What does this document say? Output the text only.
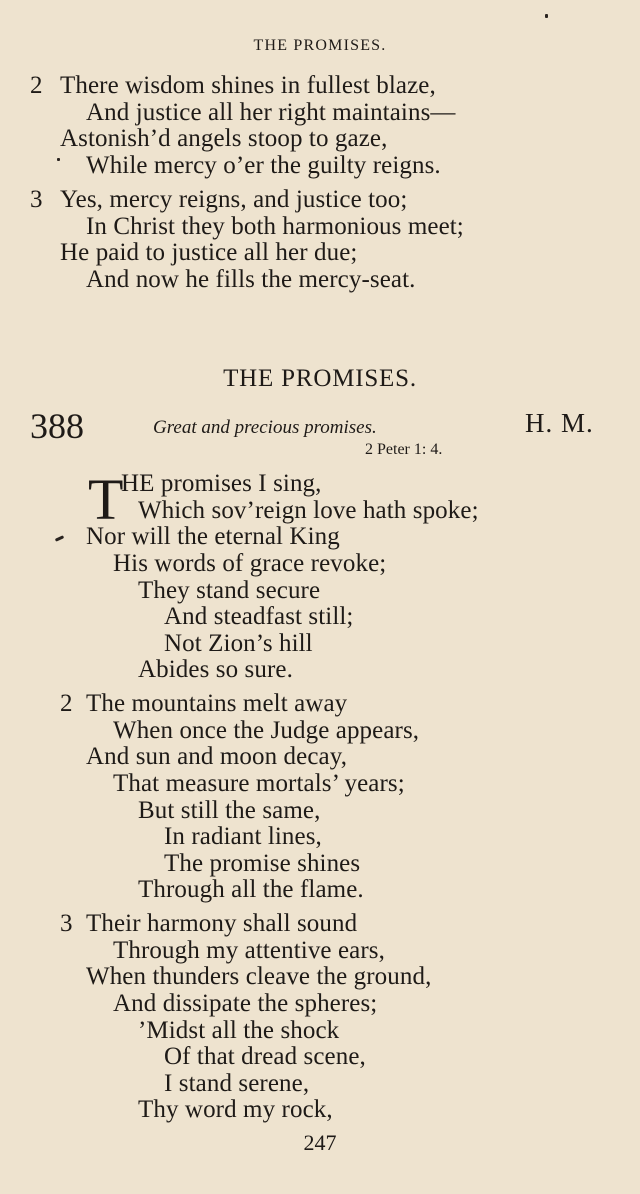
THE PROMISES.
2 There wisdom shines in fullest blaze,
And justice all her right maintains—
Astonish’d angels stoop to gaze,
While mercy o’er the guilty reigns.
3 Yes, mercy reigns, and justice too;
In Christ they both harmonious meet;
He paid to justice all her due;
And now he fills the mercy-seat.
THE PROMISES.
388	Great and precious promises.	H. M.
2 Peter 1: 4.
T
HE promises I sing,
Which sov’reign love hath spoke;
Nor will the eternal King
His words of grace revoke;
They stand secure
And steadfast still;
Not Zion’s hill
Abides so sure.
2 The mountains melt away
When once the Judge appears,
And sun and moon decay,
That measure mortals’ years;
But still the same,
In radiant lines,
The promise shines
Through all the flame.
3 Their harmony shall sound
Through my attentive ears,
When thunders cleave the ground,
And dissipate the spheres;
’Midst all the shock
Of that dread scene,
I stand serene,
Thy word my rock,
247
